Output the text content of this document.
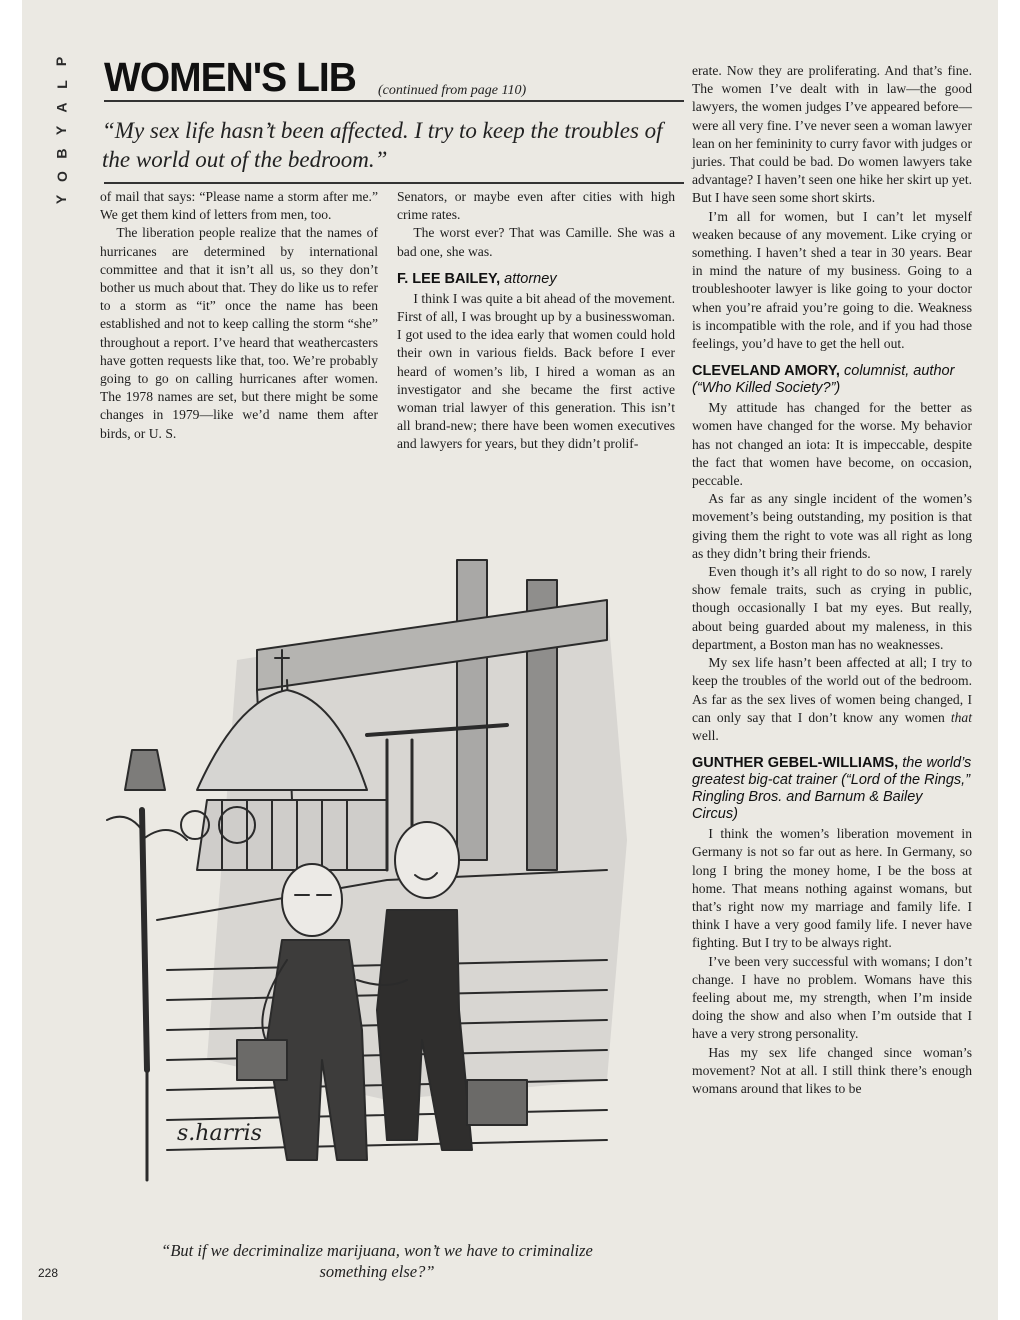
P
L
A
Y
B
O
Y
WOMEN'S LIB (continued from page 110)
“My sex life hasn’t been affected. I try to keep the troubles of the world out of the bedroom.”

of mail that says: “Please name a storm after me.” We get them kind of letters from men, too.

The liberation people realize that the names of hurricanes are determined by international committee and that it isn’t all us, so they don’t bother us much about that. They do like us to refer to a storm as “it” once the name has been established and not to keep calling the storm “she” throughout a report. I’ve heard that weathercasters have gotten requests like that, too. We’re probably going to go on calling hurricanes after women. The 1978 names are set, but there might be some changes in 1979—like we’d name them after birds, or U. S.

Senators, or maybe even after cities with high crime rates.

The worst ever? That was Camille. She was a bad one, she was.

F. LEE BAILEY, attorney

I think I was quite a bit ahead of the movement. First of all, I was brought up by a businesswoman. I got used to the idea early that women could hold their own in various fields. Back before I ever heard of women’s lib, I hired a woman as an investigator and she became the first active woman trial lawyer of this generation. This isn’t all brand-new; there have been women executives and lawyers for years, but they didn’t prolif-

erate. Now they are proliferating. And that’s fine. The women I’ve dealt with in law—the good lawyers, the women judges I’ve appeared before—were all very fine. I’ve never seen a woman lawyer lean on her femininity to curry favor with judges or juries. That could be bad. Do women lawyers take advantage? I haven’t seen one hike her skirt up yet. But I have seen some short skirts.

I’m all for women, but I can’t let myself weaken because of any movement. Like crying or something. I haven’t shed a tear in 30 years. Bear in mind the nature of my business. Going to a troubleshooter lawyer is like going to your doctor when you’re afraid you’re going to die. Weakness is incompatible with the role, and if you had those feelings, you’d have to get the hell out.

CLEVELAND AMORY, columnist, author (“Who Killed Society?”)

My attitude has changed for the better as women have changed for the worse. My behavior has not changed an iota: It is impeccable, despite the fact that women have become, on occasion, peccable.

As far as any single incident of the women’s movement’s being outstanding, my position is that giving them the right to vote was all right as long as they didn’t bring their friends.

Even though it’s all right to do so now, I rarely show female traits, such as crying in public, though occasionally I bat my eyes. But really, about being guarded about my maleness, in this department, a Boston man has no weaknesses.

My sex life hasn’t been affected at all; I try to keep the troubles of the world out of the bedroom. As far as the sex lives of women being changed, I can only say that I don’t know any women that well.

GUNTHER GEBEL-WILLIAMS, the world’s greatest big-cat trainer (“Lord of the Rings,” Ringling Bros. and Barnum & Bailey Circus)

I think the women’s liberation movement in Germany is not so far out as here. In Germany, so long I bring the money home, I be the boss at home. That means nothing against womans, but that’s right now my marriage and family life. I think I have a very good family life. I never have fighting. But I try to be always right.

I’ve been very successful with womans; I don’t change. I have no problem. Womans have this feeling about me, my strength, when I’m inside doing the show and also when I’m outside that I have a very strong personality.

Has my sex life changed since woman’s movement? Not at all. I still think there’s enough womans around that likes to be

s.harris
“But if we decriminalize marijuana, won’t we have to criminalize something else?”
228
